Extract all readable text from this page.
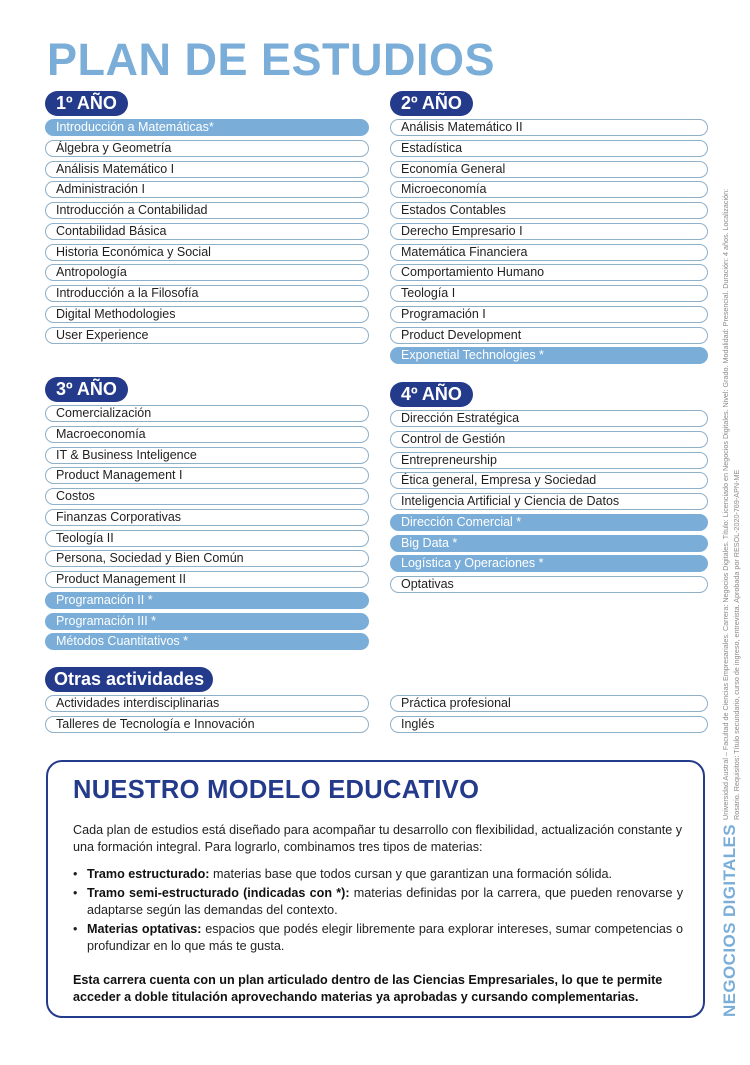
PLAN DE ESTUDIOS
1º AÑO
Introducción a Matemáticas*
Álgebra y Geometría
Análisis Matemático I
Administración I
Introducción a Contabilidad
Contabilidad Básica
Historia Económica y Social
Antropología
Introducción a la Filosofía
Digital Methodologies
User Experience
2º AÑO
Análisis Matemático II
Estadística
Economía General
Microeconomía
Estados Contables
Derecho Empresario I
Matemática Financiera
Comportamiento Humano
Teología I
Programación I
Product Development
Exponetial Technologies *
3º AÑO
Comercialización
Macroeconomía
IT & Business Inteligence
Product Management I
Costos
Finanzas Corporativas
Teología II
Persona, Sociedad y Bien Común
Product Management II
Programación II *
Programación III *
Métodos Cuantitativos *
4º AÑO
Dirección Estratégica
Control de Gestión
Entrepreneurship
Ética general, Empresa y Sociedad
Inteligencia Artificial y Ciencia de Datos
Dirección Comercial *
Big Data *
Logística y Operaciones *
Optativas
Otras actividades
Actividades interdisciplinarias
Talleres de Tecnología e Innovación
Práctica profesional
Inglés
NUESTRO MODELO EDUCATIVO

Cada plan de estudios está diseñado para acompañar tu desarrollo con flexibilidad, actualización constante y una formación integral. Para lograrlo, combinamos tres tipos de materias:

• Tramo estructurado: materias base que todos cursan y que garantizan una formación sólida.
• Tramo semi-estructurado (indicadas con *): materias definidas por la carrera, que pueden renovarse y adaptarse según las demandas del contexto.
• Materias optativas: espacios que podés elegir libremente para explorar intereses, sumar competencias o profundizar en lo que más te gusta.

Esta carrera cuenta con un plan articulado dentro de las Ciencias Empresariales, lo que te permite acceder a doble titulación aprovechando materias ya aprobadas y cursando complementarias.

Universidad Austral – Facultad de Ciencias Empresariales. Carrera: Negocios Digitales. Título: Licenciado en Negocios Digitales. Nivel: Grado. Modalidad: Presencial. Duración: 4 años. Localización: Rosario. Requisitos: Título secundario, curso de ingreso, entrevista. Aprobada por RESOL-2020-769-APN-ME
NEGOCIOS DIGITALES
